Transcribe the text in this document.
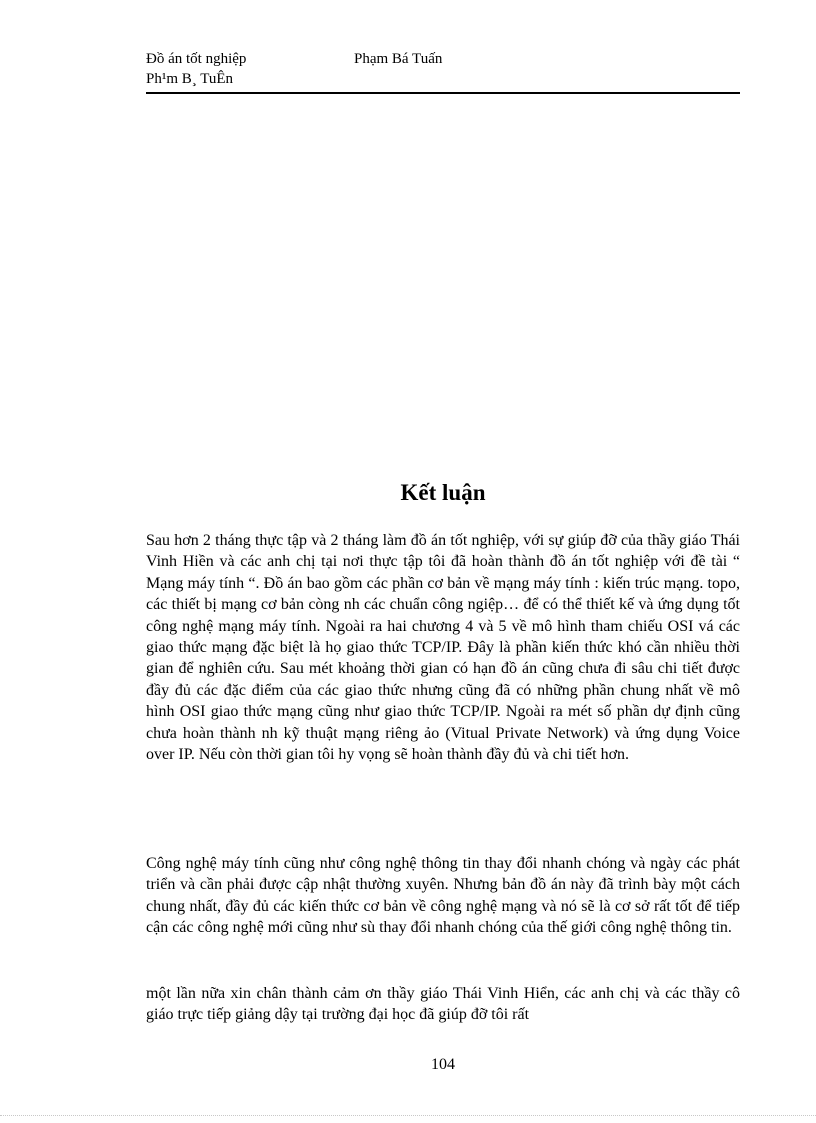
Đồ án tốt nghiệp	Phạm Bá Tuấn
Ph¹m B¸ TuÊn
Kết luận

Sau hơn 2 tháng thực tập và 2 tháng làm đồ án tốt nghiệp, với sự giúp đỡ của thầy giáo Thái Vinh Hiền và các anh chị tại nơi thực tập tôi đã hoàn thành đồ án tốt nghiệp với đề tài “ Mạng máy tính “. Đồ án bao gồm các phần cơ bản về mạng máy tính : kiến trúc mạng. topo, các thiết bị mạng cơ bản còng nh các chuẩn công ngiệp… để có thể thiết kế và ứng dụng tốt công nghệ mạng máy tính. Ngoài ra hai chương 4 và 5 về mô hình tham chiếu OSI vá các giao thức mạng đặc biệt là họ giao thức TCP/IP. Đây là phần kiến thức khó cần nhiều thời gian để nghiên cứu. Sau mét khoảng thời gian có hạn đồ án cũng chưa đi sâu chi tiết được đầy đủ các đặc điểm của các giao thức nhưng cũng đã có những phần chung nhất về mô hình OSI giao thức mạng cũng như giao thức TCP/IP. Ngoài ra mét số phần dự định cũng chưa hoàn thành nh kỹ thuật mạng riêng ảo (Vitual Private Network) và ứng dụng Voice over IP. Nếu còn thời gian tôi hy vọng sẽ hoàn thành đầy đủ và chi tiết hơn.

Công nghệ máy tính cũng như công nghệ thông tin thay đổi nhanh chóng và ngày các phát triển và cần phải được cập nhật thường xuyên. Nhưng bản đồ án này đã trình bày một cách chung nhất, đầy đủ các kiến thức cơ bản về công nghệ mạng và nó sẽ là cơ sở rất tốt để tiếp cận các công nghệ mới cũng như sù thay đổi nhanh chóng của thế giới công nghệ thông tin.

một lần nữa xin chân thành cảm ơn thầy giáo Thái Vinh Hiển, các anh chị và các thầy cô giáo trực tiếp giảng dậy tại trường đại học đã giúp đỡ tôi rất

104
